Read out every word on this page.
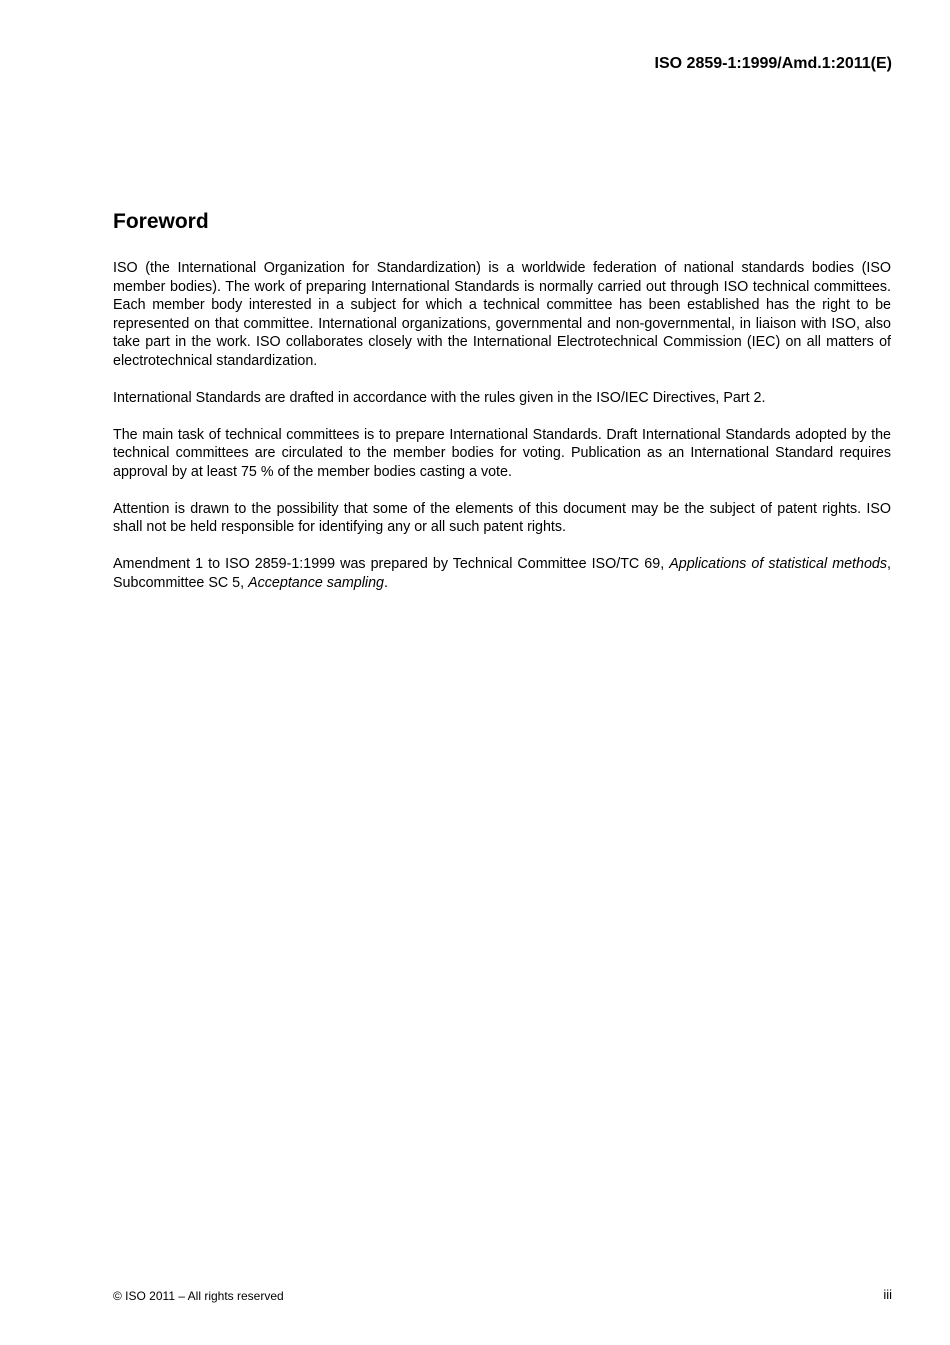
ISO 2859-1:1999/Amd.1:2011(E)
Foreword

ISO (the International Organization for Standardization) is a worldwide federation of national standards bodies (ISO member bodies). The work of preparing International Standards is normally carried out through ISO technical committees. Each member body interested in a subject for which a technical committee has been established has the right to be represented on that committee. International organizations, governmental and non-governmental, in liaison with ISO, also take part in the work. ISO collaborates closely with the International Electrotechnical Commission (IEC) on all matters of electrotechnical standardization.

International Standards are drafted in accordance with the rules given in the ISO/IEC Directives, Part 2.

The main task of technical committees is to prepare International Standards. Draft International Standards adopted by the technical committees are circulated to the member bodies for voting. Publication as an International Standard requires approval by at least 75 % of the member bodies casting a vote.

Attention is drawn to the possibility that some of the elements of this document may be the subject of patent rights. ISO shall not be held responsible for identifying any or all such patent rights.

Amendment 1 to ISO 2859-1:1999 was prepared by Technical Committee ISO/TC 69, Applications of statistical methods, Subcommittee SC 5, Acceptance sampling.

© ISO 2011 – All rights reserved	iii
